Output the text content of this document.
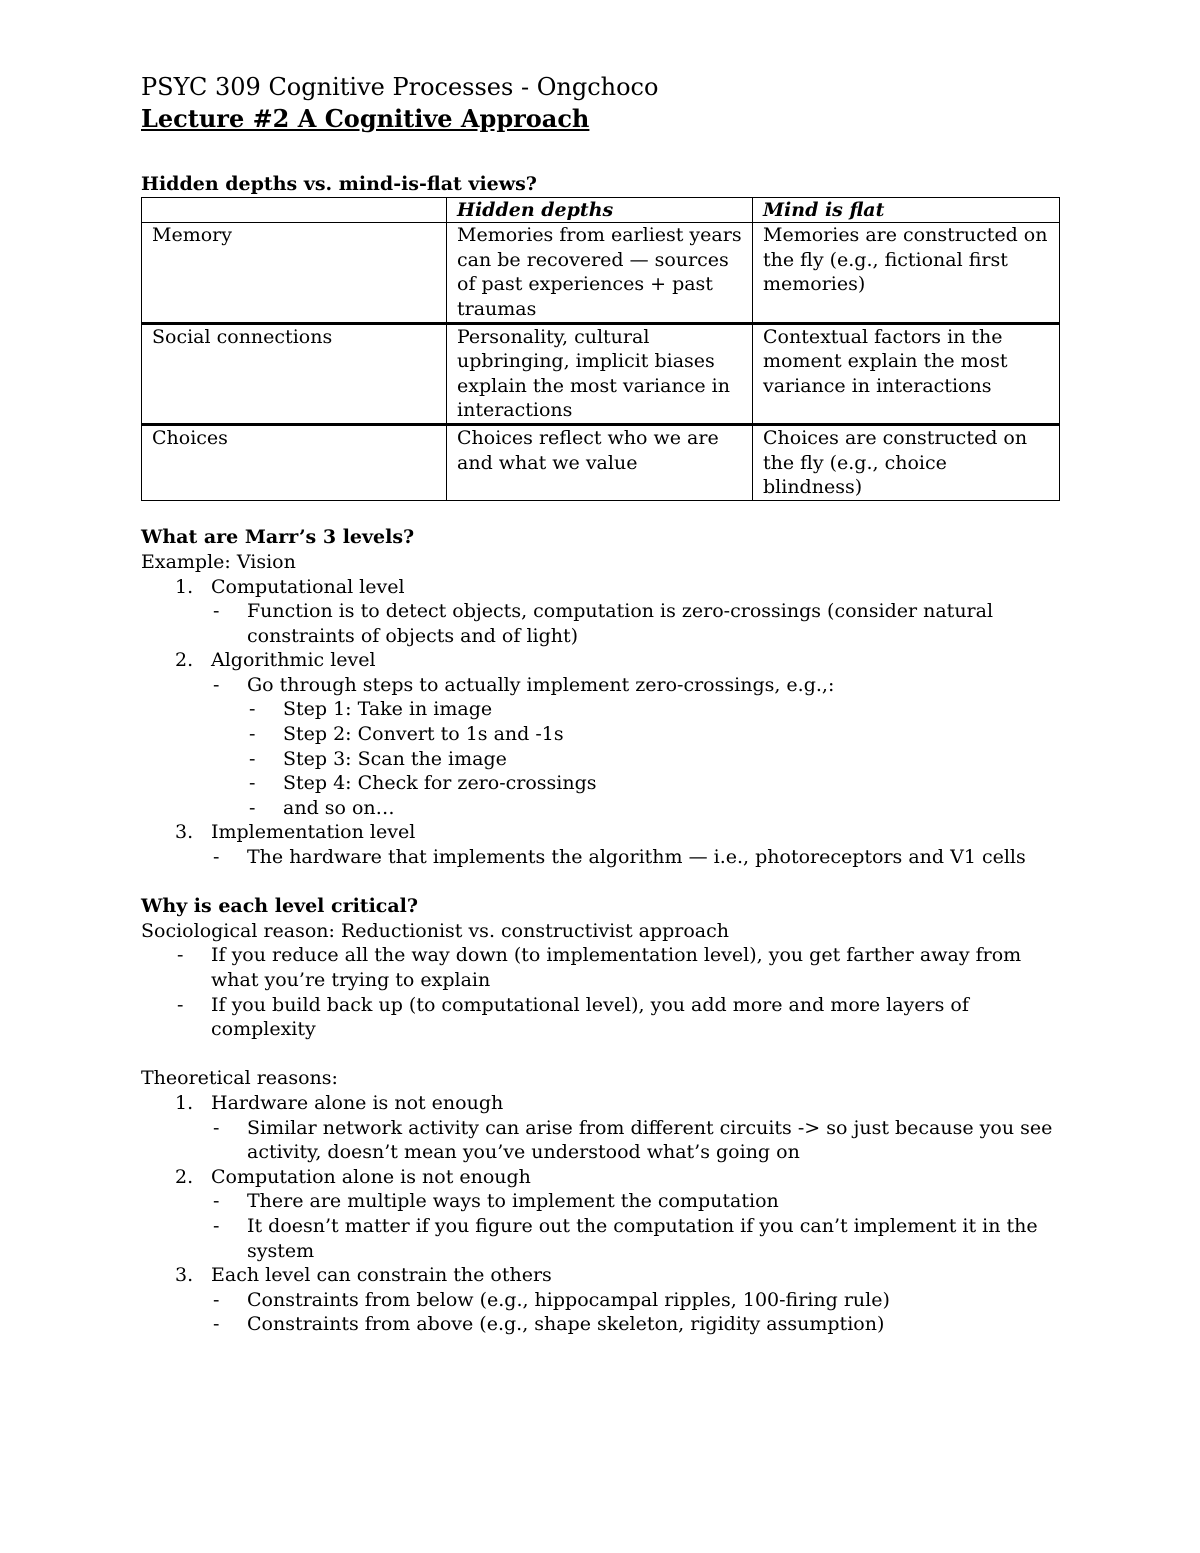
PSYC 309 Cognitive Processes - Ongchoco
Lecture #2 A Cognitive Approach

Hidden depths vs. mind-is-flat views?

	Hidden depths	Mind is flat
Memory	Memories from earliest years can be recovered — sources of past experiences + past traumas	Memories are constructed on the fly (e.g., fictional first memories)
Social connections	Personality, cultural upbringing, implicit biases explain the most variance in interactions	Contextual factors in the moment explain the most variance in interactions
Choices	Choices reflect who we are and what we value	Choices are constructed on the fly (e.g., choice blindness)

What are Marr’s 3 levels?

Example: Vision

1. Computational level
- Function is to detect objects, computation is zero-crossings (consider natural constraints of objects and of light)
2. Algorithmic level
- Go through steps to actually implement zero-crossings, e.g.,:
- Step 1: Take in image
- Step 2: Convert to 1s and -1s
- Step 3: Scan the image
- Step 4: Check for zero-crossings
- and so on…
3. Implementation level
- The hardware that implements the algorithm — i.e., photoreceptors and V1 cells

Why is each level critical?

Sociological reason: Reductionist vs. constructivist approach

- If you reduce all the way down (to implementation level), you get farther away from what you’re trying to explain
- If you build back up (to computational level), you add more and more layers of complexity

Theoretical reasons:

1. Hardware alone is not enough
- Similar network activity can arise from different circuits -> so just because you see activity, doesn’t mean you’ve understood what’s going on
2. Computation alone is not enough
- There are multiple ways to implement the computation
- It doesn’t matter if you figure out the computation if you can’t implement it in the system
3. Each level can constrain the others
- Constraints from below (e.g., hippocampal ripples, 100-firing rule)
- Constraints from above (e.g., shape skeleton, rigidity assumption)
